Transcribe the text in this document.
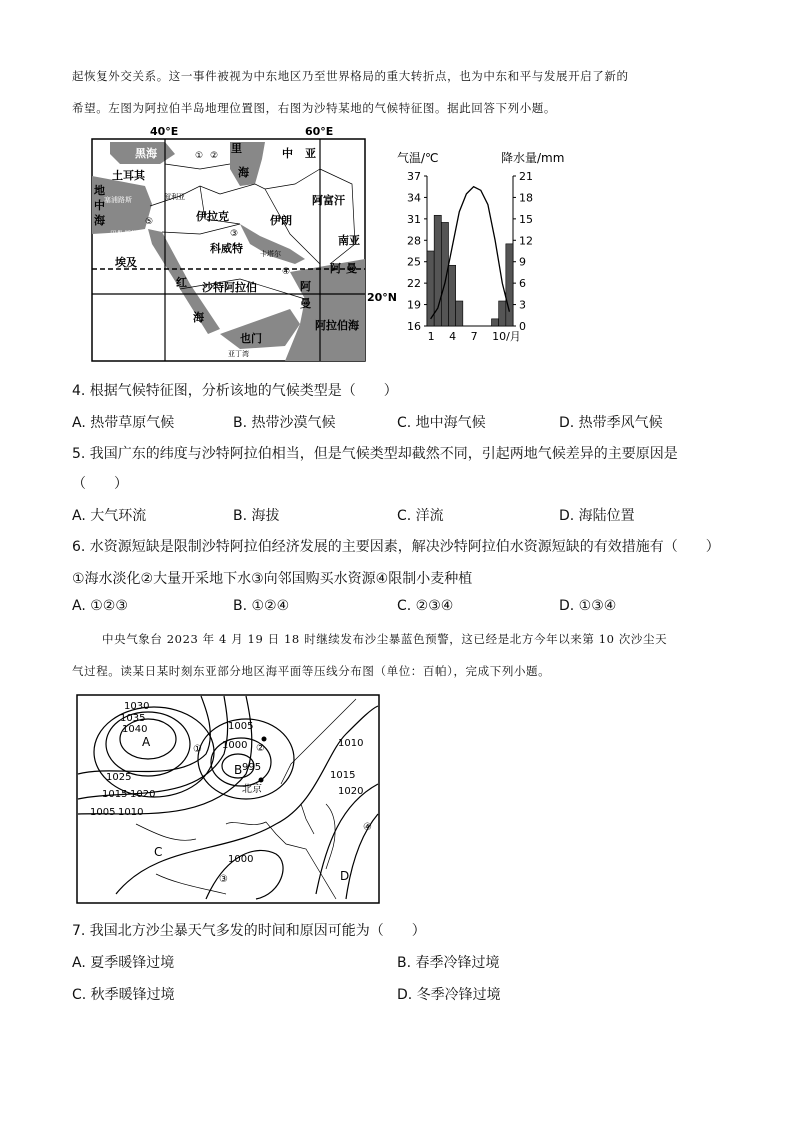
起恢复外交关系。这一事件被视为中东地区乃至世界格局的重大转折点，也为中东和平与发展开启了新的
希望。左图为阿拉伯半岛地理位置图，右图为沙特某地的气候特征图。据此回答下列小题。
40°E	60°E
20°N
黑海
土耳其
里
海
中 亚
地
中
海	伊拉克	伊朗
阿富汗
科威特
埃及
南亚
沙特阿拉伯	阿
曼
阿 曼
红
海
也门
阿拉伯海
塞浦路斯	叙利亚
巴勒斯坦
卡塔尔
亚丁湾
① ②
③
④
⑤
气温/℃	降水量/mm
37
34
31
28
25
22
19
16
21
18
15
12
9
6
3
0
1 4 7 10/月
4. 根据气候特征图，分析该地的气候类型是（　　）
A. 热带草原气候	B. 热带沙漠气候	C. 地中海气候	D. 热带季风气候
5. 我国广东的纬度与沙特阿拉伯相当，但是气候类型却截然不同，引起两地气候差异的主要原因是
（　　）
A. 大气环流	B. 海拔	C. 洋流	D. 海陆位置
6. 水资源短缺是限制沙特阿拉伯经济发展的主要因素，解决沙特阿拉伯水资源短缺的有效措施有（　　）
①海水淡化②大量开采地下水③向邻国购买水资源④限制小麦种植
A. ①②③	B. ①②④	C. ②③④	D. ①③④
中央气象台 2023 年 4 月 19 日 18 时继续发布沙尘暴蓝色预警，这已经是北方今年以来第 10 次沙尘天
气过程。读某日某时刻东亚部分地区海平面等压线分布图（单位：百帕），完成下列小题。
1030
1035
1040
1025
1015 1020
1005 1010
1005
1000
995
1010
1015
1020
1000
A
B
C
D
北京
①	②
③
④
7. 我国北方沙尘暴天气多发的时间和原因可能为（　　）
A. 夏季暖锋过境	B. 春季冷锋过境
C. 秋季暖锋过境	D. 冬季冷锋过境
